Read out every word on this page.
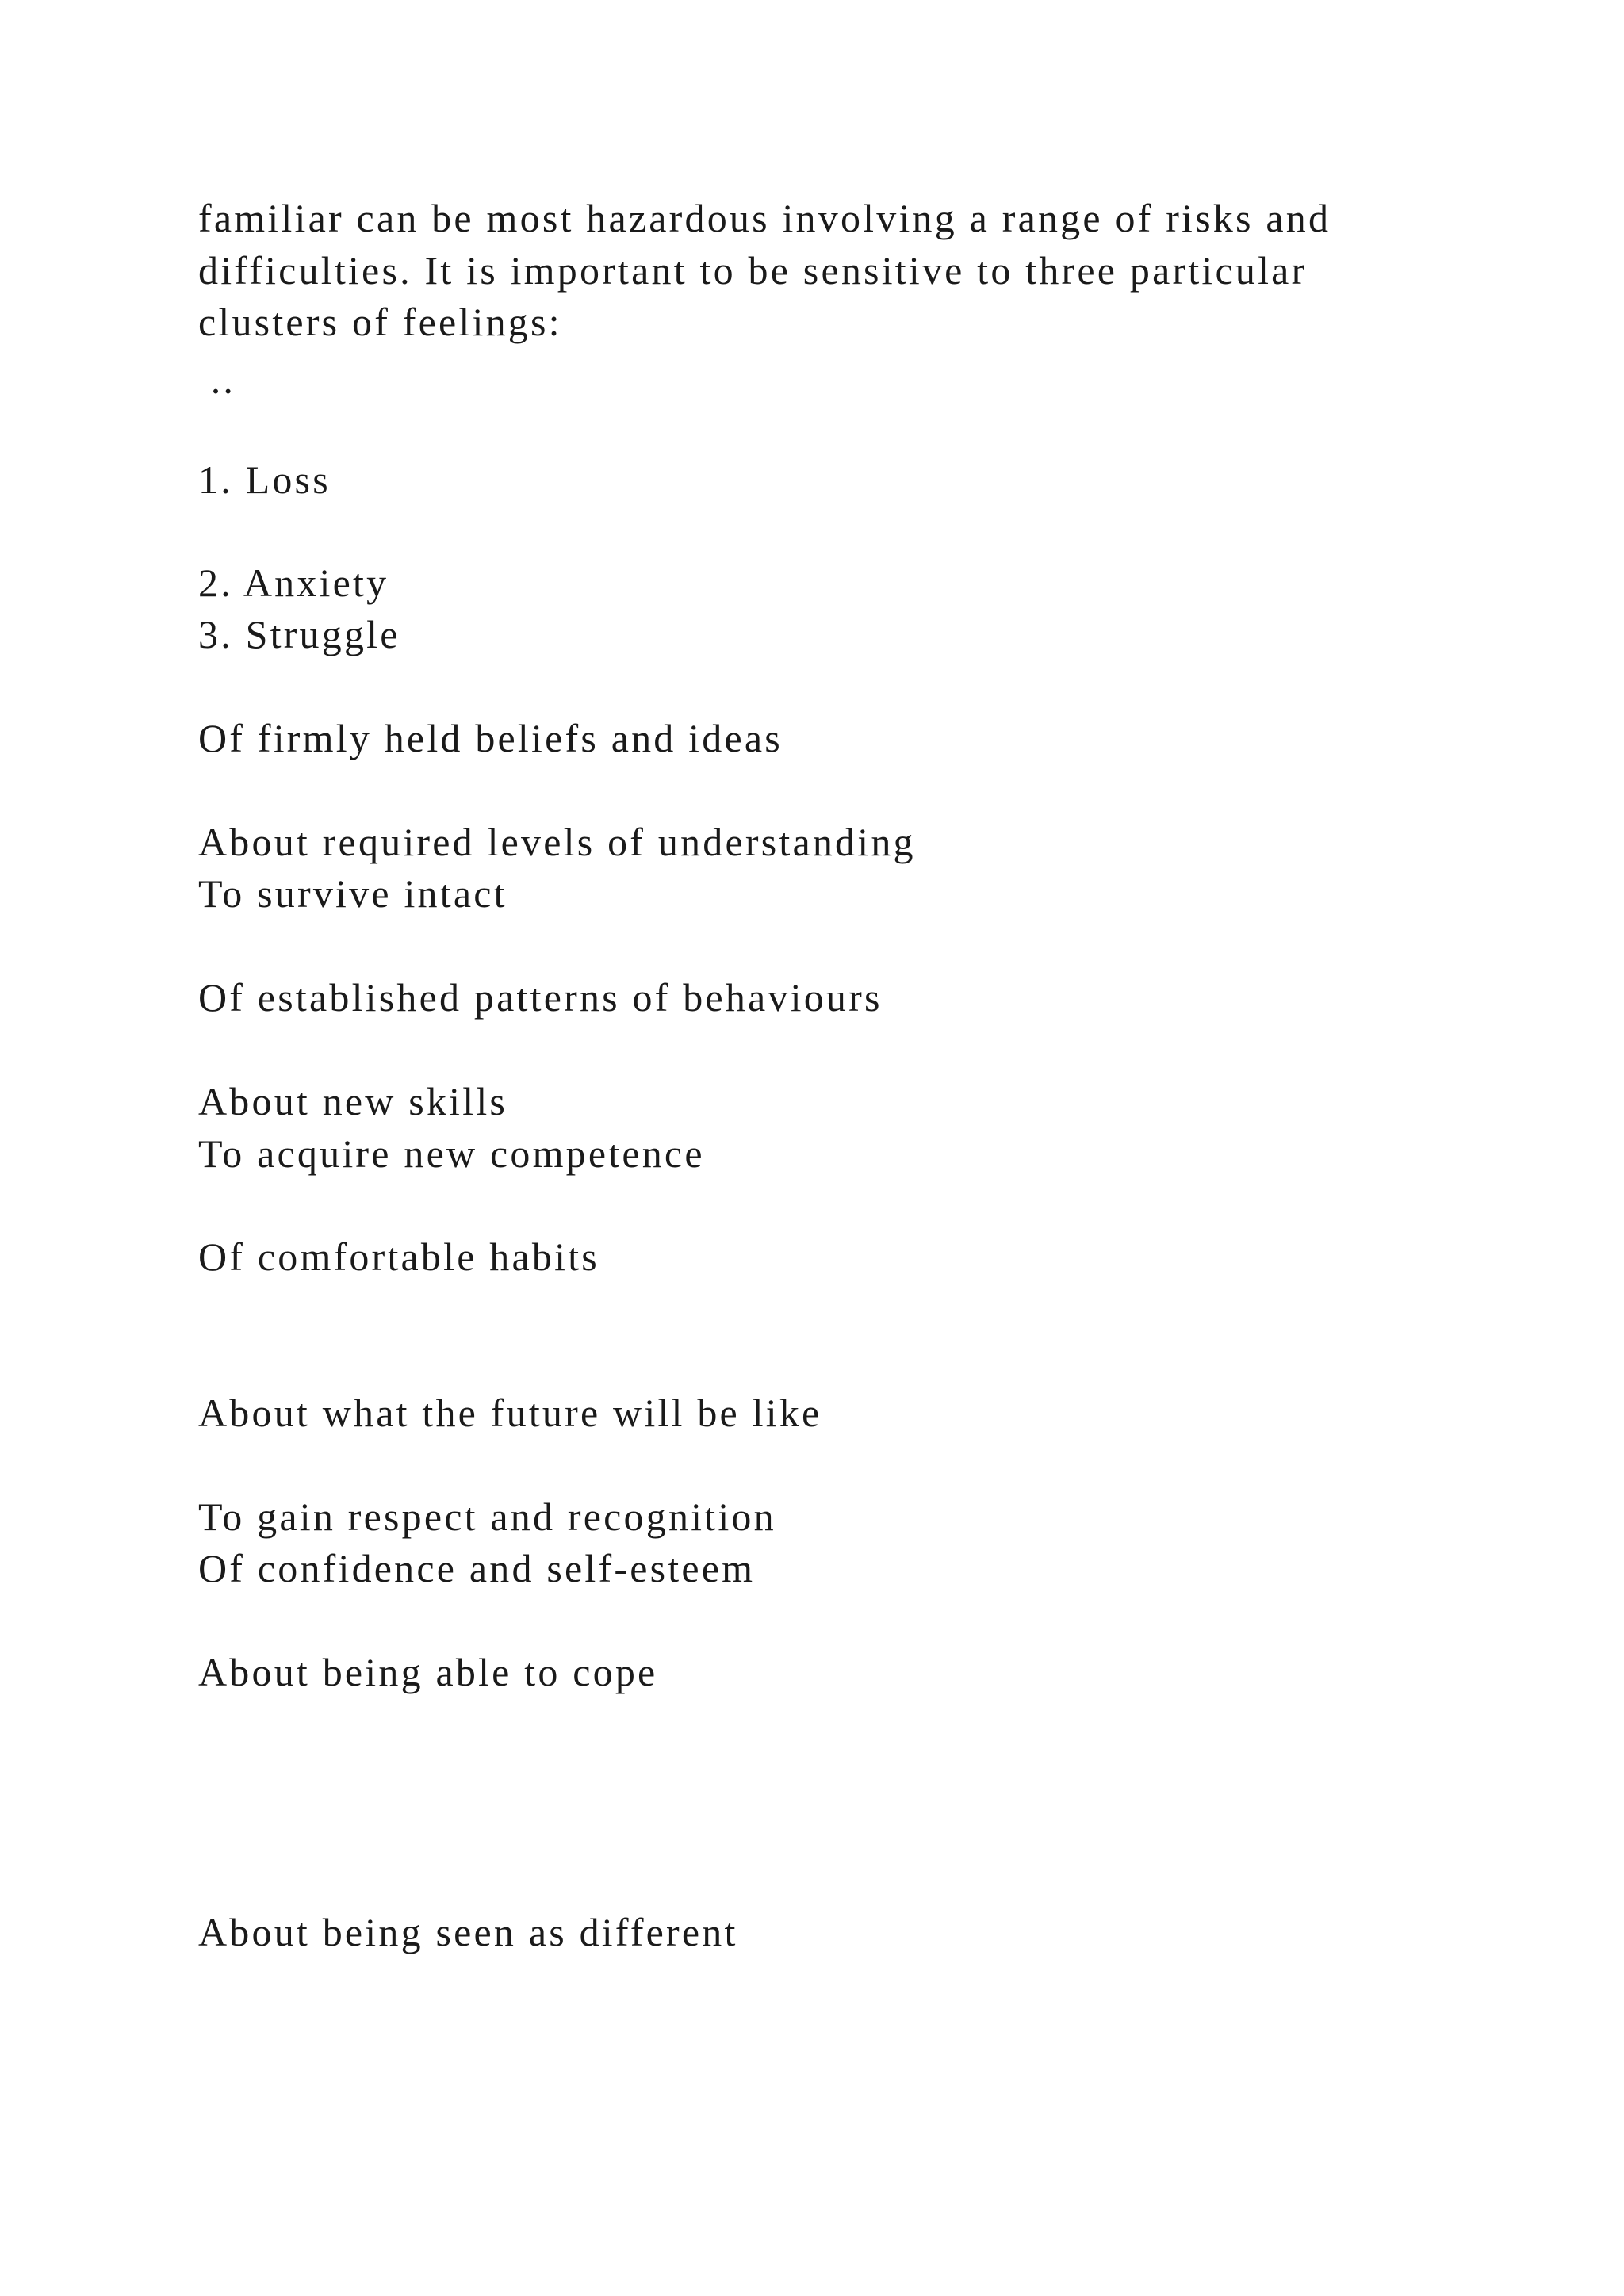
familiar can be most hazardous involving a range of risks and

difficulties. It is important to be sensitive to three particular

clusters of feelings:

..

1. Loss

2. Anxiety

3. Struggle

Of firmly held beliefs and ideas

About required levels of understanding

To survive intact

Of established patterns of behaviours

About new skills

To acquire new competence

Of comfortable habits

About what the future will be like

To gain respect and recognition

Of confidence and self-esteem

About being able to cope

About being seen as different
